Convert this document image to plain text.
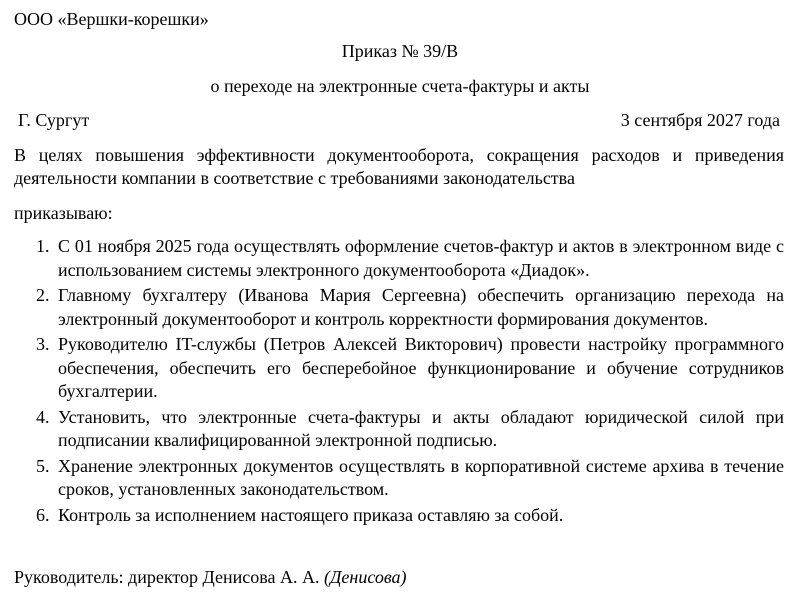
ООО «Вершки-корешки»
Приказ № 39/В
о переходе на электронные счета-фактуры и акты
Г. Сургут	3 сентября 2027 года
В целях повышения эффективности документооборота, сокращения расходов и приведения деятельности компании в соответствие с требованиями законодательства
приказываю:
1. С 01 ноября 2025 года осуществлять оформление счетов-фактур и актов в электронном виде с использованием системы электронного документооборота «Диадок».
2. Главному бухгалтеру (Иванова Мария Сергеевна) обеспечить организацию перехода на электронный документооборот и контроль корректности формирования документов.
3. Руководителю IT-службы (Петров Алексей Викторович) провести настройку программного обеспечения, обеспечить его бесперебойное функционирование и обучение сотрудников бухгалтерии.
4. Установить, что электронные счета-фактуры и акты обладают юридической силой при подписании квалифицированной электронной подписью.
5. Хранение электронных документов осуществлять в корпоративной системе архива в течение сроков, установленных законодательством.
6. Контроль за исполнением настоящего приказа оставляю за собой.
Руководитель: директор Денисова А. А. (Денисова)
